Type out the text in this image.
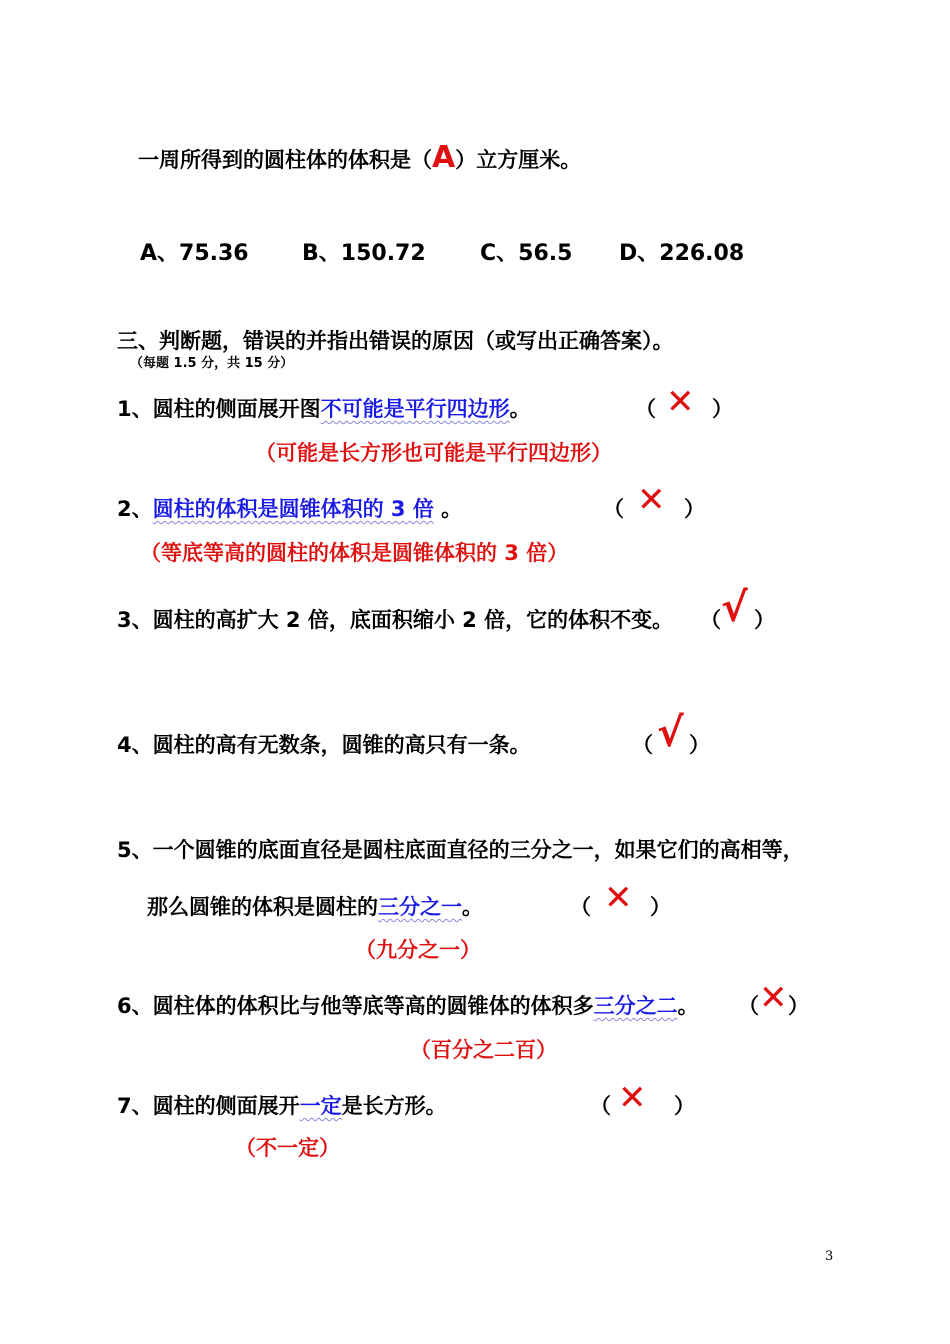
一周所得到的圆柱体的体积是（A）立方厘米。
A、75.36 B、150.72 C、56.5 D、226.08
三、判断题，错误的并指出错误的原因（或写出正确答案）。
（每题 1.5 分，共 15 分）
1、圆柱的侧面展开图不可能是平行四边形。	（ ✕ ）
（可能是长方形也可能是平行四边形）
2、圆柱的体积是圆锥体积的 3 倍 。	（ ✕ ）
（等底等高的圆柱的体积是圆锥体积的 3 倍）
3、圆柱的高扩大 2 倍，底面积缩小 2 倍，它的体积不变。 （ √ ）
4、圆柱的高有无数条，圆锥的高只有一条。	（ √ ）
5、一个圆锥的底面直径是圆柱底面直径的三分之一，如果它们的高相等，
那么圆锥的体积是圆柱的三分之一。	（ ✕ ）
（九分之一）
6、圆柱体的体积比与他等底等高的圆锥体的体积多三分之二。 （ ✕ ）
（百分之二百）
7、圆柱的侧面展开一定是长方形。	（ ✕ ）
（不一定）
3
